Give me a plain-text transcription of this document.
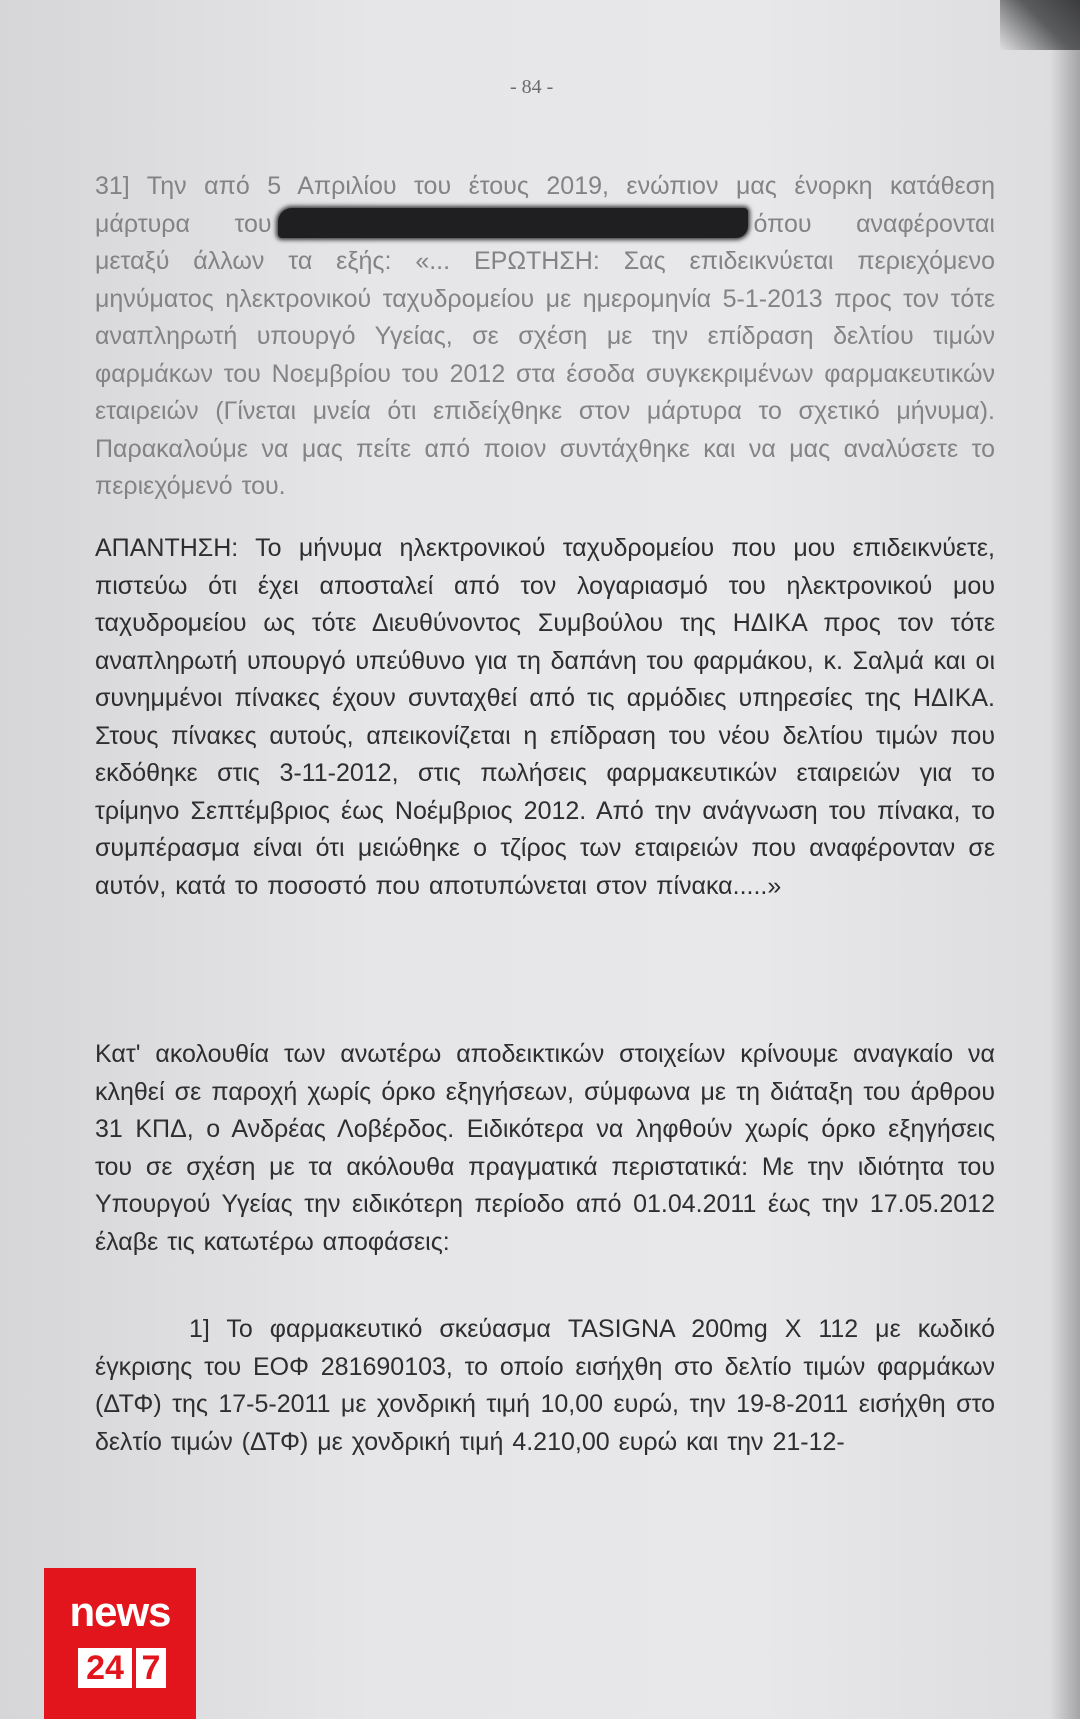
- 84 -

31] Την από 5 Απριλίου του έτους 2019, ενώπιον μας ένορκη κατάθεση μάρτυρα του	όπου αναφέρονται μεταξύ άλλων τα εξής: «... ΕΡΩΤΗΣΗ: Σας επιδεικνύεται περιεχόμενο μηνύματος ηλεκτρονικού ταχυδρομείου με ημερομηνία 5-1-2013 προς τον τότε αναπληρωτή υπουργό Υγείας, σε σχέση με την επίδραση δελτίου τιμών φαρμάκων του Νοεμβρίου του 2012 στα έσοδα συγκεκριμένων φαρμακευτικών εταιρειών (Γίνεται μνεία ότι επιδείχθηκε στον μάρτυρα το σχετικό μήνυμα). Παρακαλούμε να μας πείτε από ποιον συντάχθηκε και να μας αναλύσετε το περιεχόμενό του.

ΑΠΑΝΤΗΣΗ: Το μήνυμα ηλεκτρονικού ταχυδρομείου που μου επιδεικνύετε, πιστεύω ότι έχει αποσταλεί από τον λογαριασμό του ηλεκτρονικού μου ταχυδρομείου ως τότε Διευθύνοντος Συμβούλου της ΗΔΙΚΑ προς τον τότε αναπληρωτή υπουργό υπεύθυνο για τη δαπάνη του φαρμάκου, κ. Σαλμά και οι συνημμένοι πίνακες έχουν συνταχθεί από τις αρμόδιες υπηρεσίες της ΗΔΙΚΑ. Στους πίνακες αυτούς, απεικονίζεται η επίδραση του νέου δελτίου τιμών που εκδόθηκε στις 3-11-2012, στις πωλήσεις φαρμακευτικών εταιρειών για το τρίμηνο Σεπτέμβριος έως Νοέμβριος 2012. Από την ανάγνωση του πίνακα, το συμπέρασμα είναι ότι μειώθηκε ο τζίρος των εταιρειών που αναφέρονταν σε αυτόν, κατά το ποσοστό που αποτυπώνεται στον πίνακα.....»

Κατ' ακολουθία των ανωτέρω αποδεικτικών στοιχείων κρίνουμε αναγκαίο να κληθεί σε παροχή χωρίς όρκο εξηγήσεων, σύμφωνα με τη διάταξη του άρθρου 31 ΚΠΔ, ο Ανδρέας Λοβέρδος. Ειδικότερα να ληφθούν χωρίς όρκο εξηγήσεις του σε σχέση με τα ακόλουθα πραγματικά περιστατικά: Με την ιδιότητα του Υπουργού Υγείας την ειδικότερη περίοδο από 01.04.2011 έως την 17.05.2012 έλαβε τις κατωτέρω αποφάσεις:

1] Το φαρμακευτικό σκεύασμα TASIGNA 200mg X 112 με κωδικό έγκρισης του ΕΟΦ 281690103, το οποίο εισήχθη στο δελτίο τιμών φαρμάκων (ΔΤΦ) της 17-5-2011 με χονδρική τιμή 10,00 ευρώ, την 19-8-2011 εισήχθη στο δελτίο τιμών (ΔΤΦ) με χονδρική τιμή 4.210,00 ευρώ και την 21-12-

news
24 7
